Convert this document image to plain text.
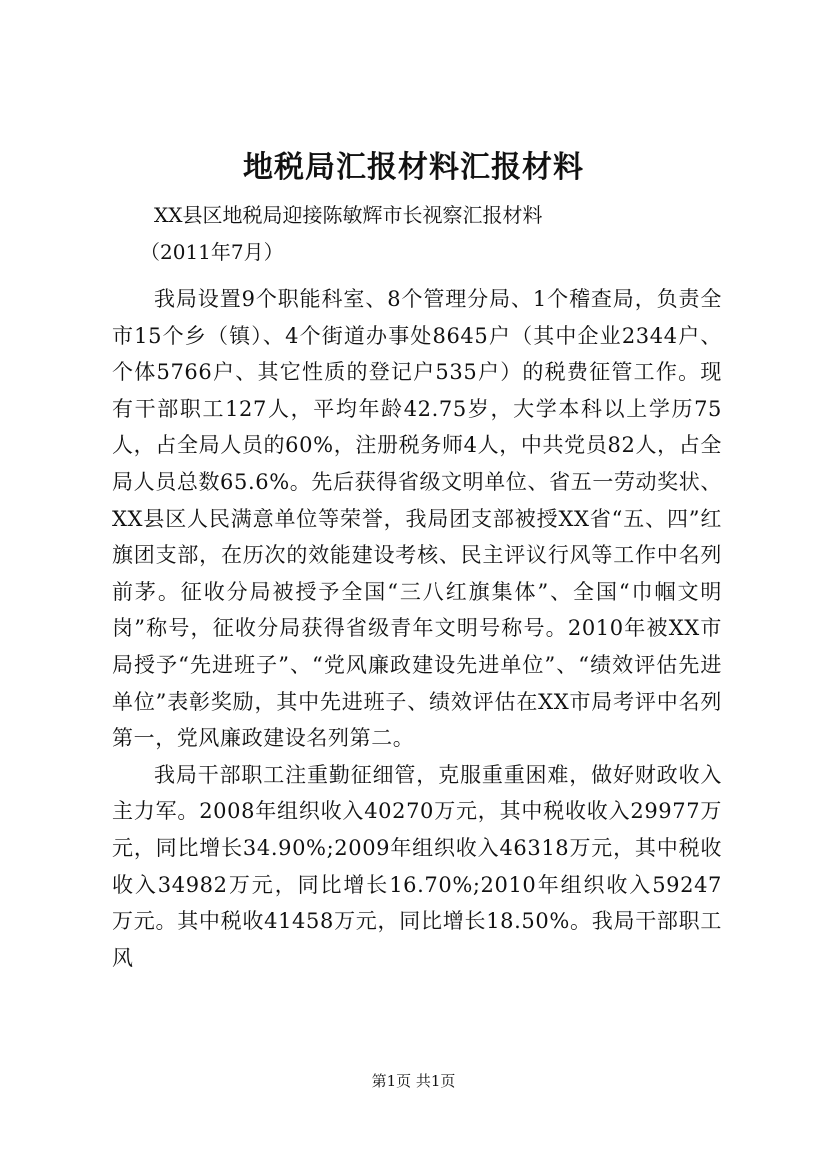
地税局汇报材料汇报材料

XX县区地税局迎接陈敏辉市长视察汇报材料

（2011年7月）

我局设置9个职能科室、8个管理分局、1个稽查局，负责全市15个乡（镇）、4个街道办事处8645户（其中企业2344户、个体5766户、其它性质的登记户535户）的税费征管工作。现有干部职工127人，平均年龄42.75岁，大学本科以上学历75人，占全局人员的60%，注册税务师4人，中共党员82人，占全局人员总数65.6%。先后获得省级文明单位、省五一劳动奖状、XX县区人民满意单位等荣誉，我局团支部被授XX省“五、四”红旗团支部，在历次的效能建设考核、民主评议行风等工作中名列前茅。征收分局被授予全国“三八红旗集体”、全国“巾帼文明岗”称号，征收分局获得省级青年文明号称号。2010年被XX市局授予“先进班子”、“党风廉政建设先进单位”、“绩效评估先进单位”表彰奖励，其中先进班子、绩效评估在XX市局考评中名列第一，党风廉政建设名列第二。

我局干部职工注重勤征细管，克服重重困难，做好财政收入主力军。2008年组织收入40270万元，其中税收收入29977万元，同比增长34.90%;2009年组织收入46318万元，其中税收收入34982万元，同比增长16.70%;2010年组织收入59247万元。其中税收41458万元，同比增长18.50%。我局干部职工风

第1页 共1页
